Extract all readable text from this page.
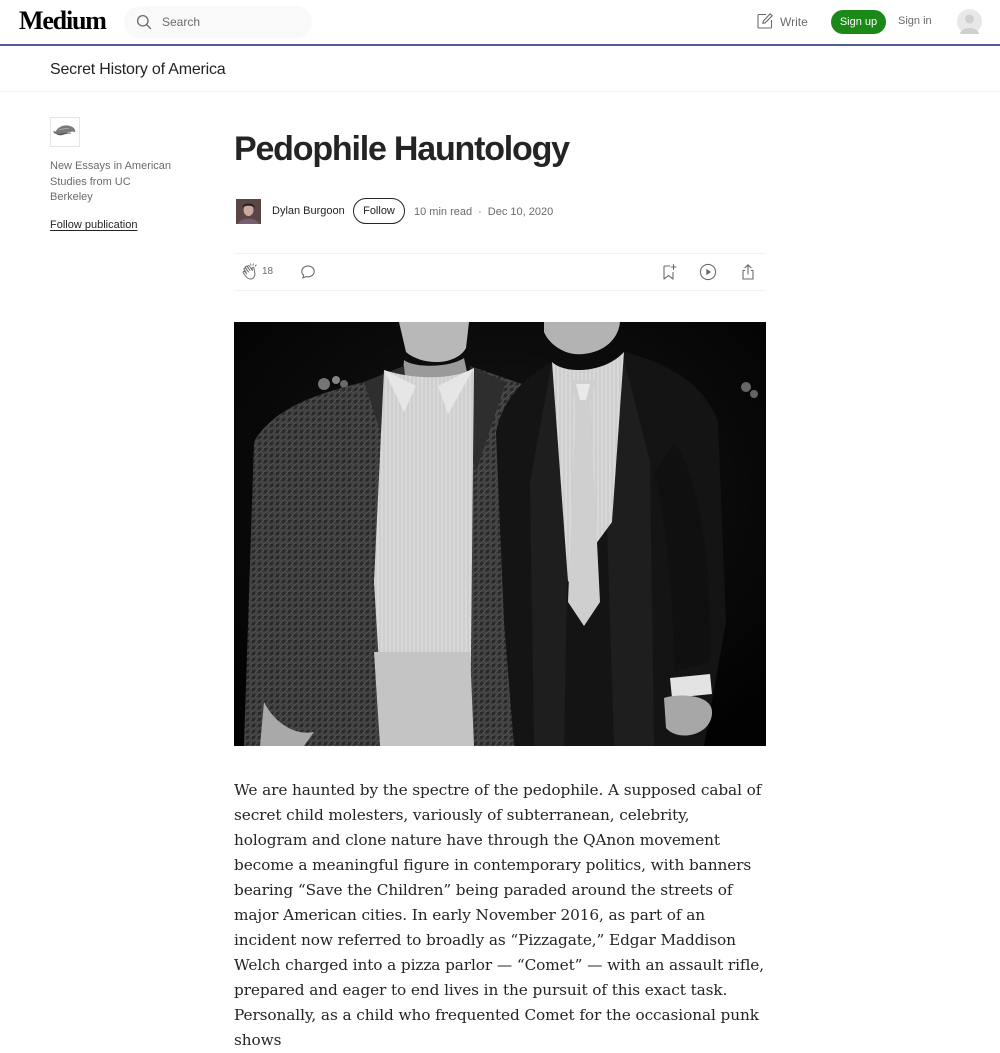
Medium	Search	Write	Sign up	Sign in
Secret History of America
New Essays in American Studies from UC Berkeley
Follow publication
Pedophile Hauntology
Dylan Burgoon	Follow	10 min read · Dec 10, 2020
18

We are haunted by the spectre of the pedophile. A supposed cabal of secret child molesters, variously of subterranean, celebrity, hologram and clone nature have through the QAnon movement become a meaningful figure in contemporary politics, with banners bearing “Save the Children” being paraded around the streets of major American cities. In early November 2016, as part of an incident now referred to broadly as “Pizzagate,” Edgar Maddison Welch charged into a pizza parlor — “Comet” — with an assault rifle, prepared and eager to end lives in the pursuit of this exact task. Personally, as a child who frequented Comet for the occasional punk shows
